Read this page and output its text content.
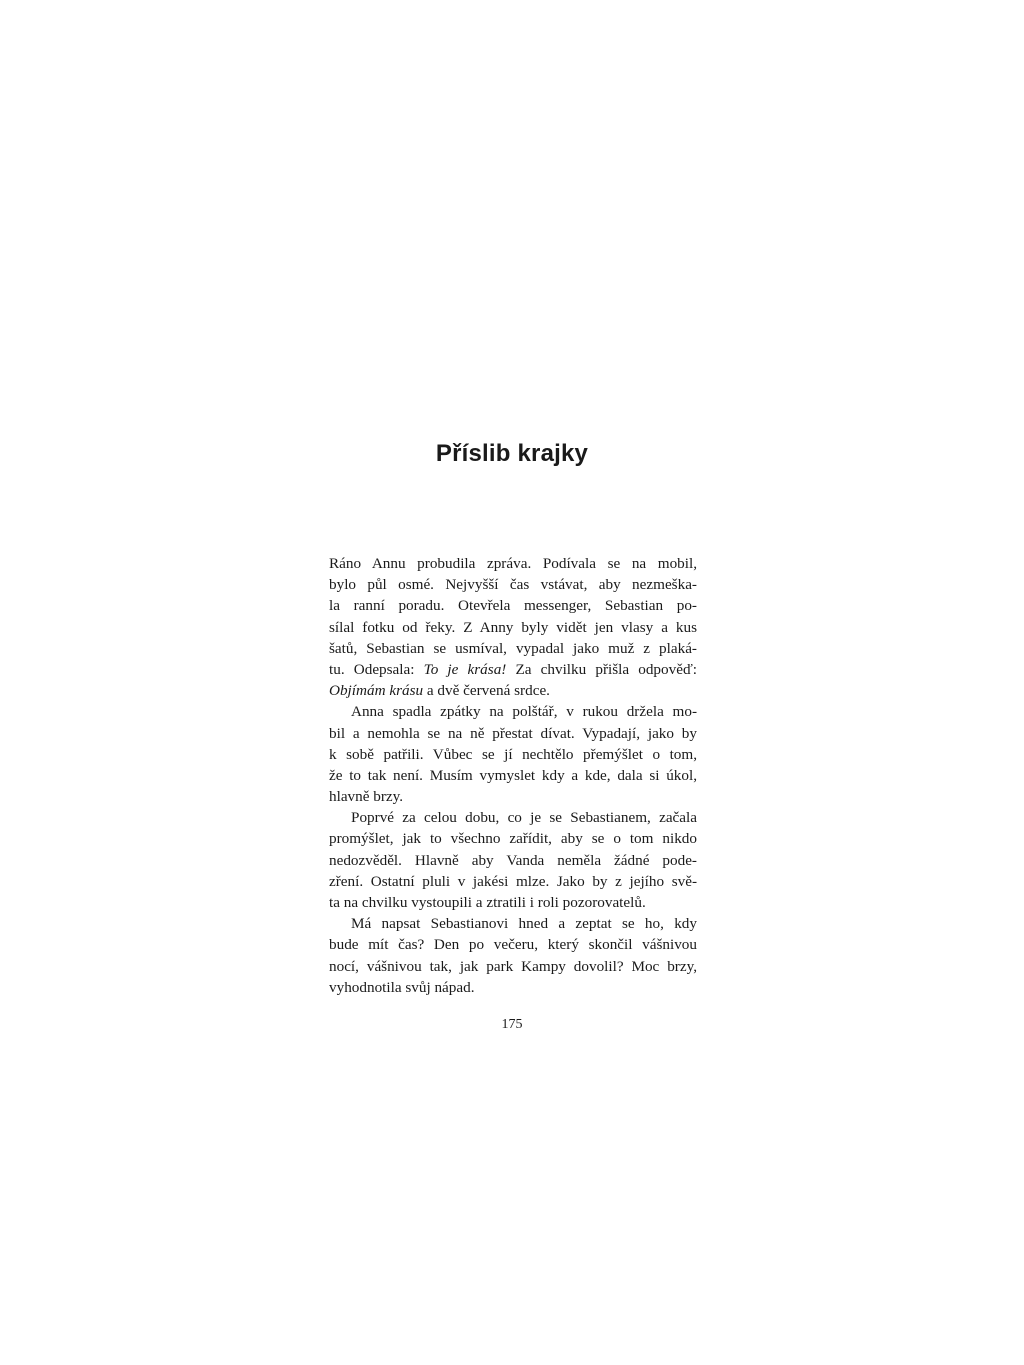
Příslib krajky

Ráno Annu probudila zpráva. Podívala se na mobil,
bylo půl osmé. Nejvyšší čas vstávat, aby nezmeška-
la ranní poradu. Otevřela messenger, Sebastian po-
sílal fotku od řeky. Z Anny byly vidět jen vlasy a kus
šatů, Sebastian se usmíval, vypadal jako muž z plaká-
tu. Odepsala: To je krása! Za chvilku přišla odpověď:
Objímám krásu a dvě červená srdce.

Anna spadla zpátky na polštář, v rukou držela mo-
bil a nemohla se na ně přestat dívat. Vypadají, jako by
k sobě patřili. Vůbec se jí nechtělo přemýšlet o tom,
že to tak není. Musím vymyslet kdy a kde, dala si úkol,
hlavně brzy.

Poprvé za celou dobu, co je se Sebastianem, začala
promýšlet, jak to všechno zařídit, aby se o tom nikdo
nedozvěděl. Hlavně aby Vanda neměla žádné pode-
zření. Ostatní pluli v jakési mlze. Jako by z jejího svě-
ta na chvilku vystoupili a ztratili i roli pozorovatelů.

Má napsat Sebastianovi hned a zeptat se ho, kdy
bude mít čas? Den po večeru, který skončil vášnivou
nocí, vášnivou tak, jak park Kampy dovolil? Moc brzy,
vyhodnotila svůj nápad.

175
